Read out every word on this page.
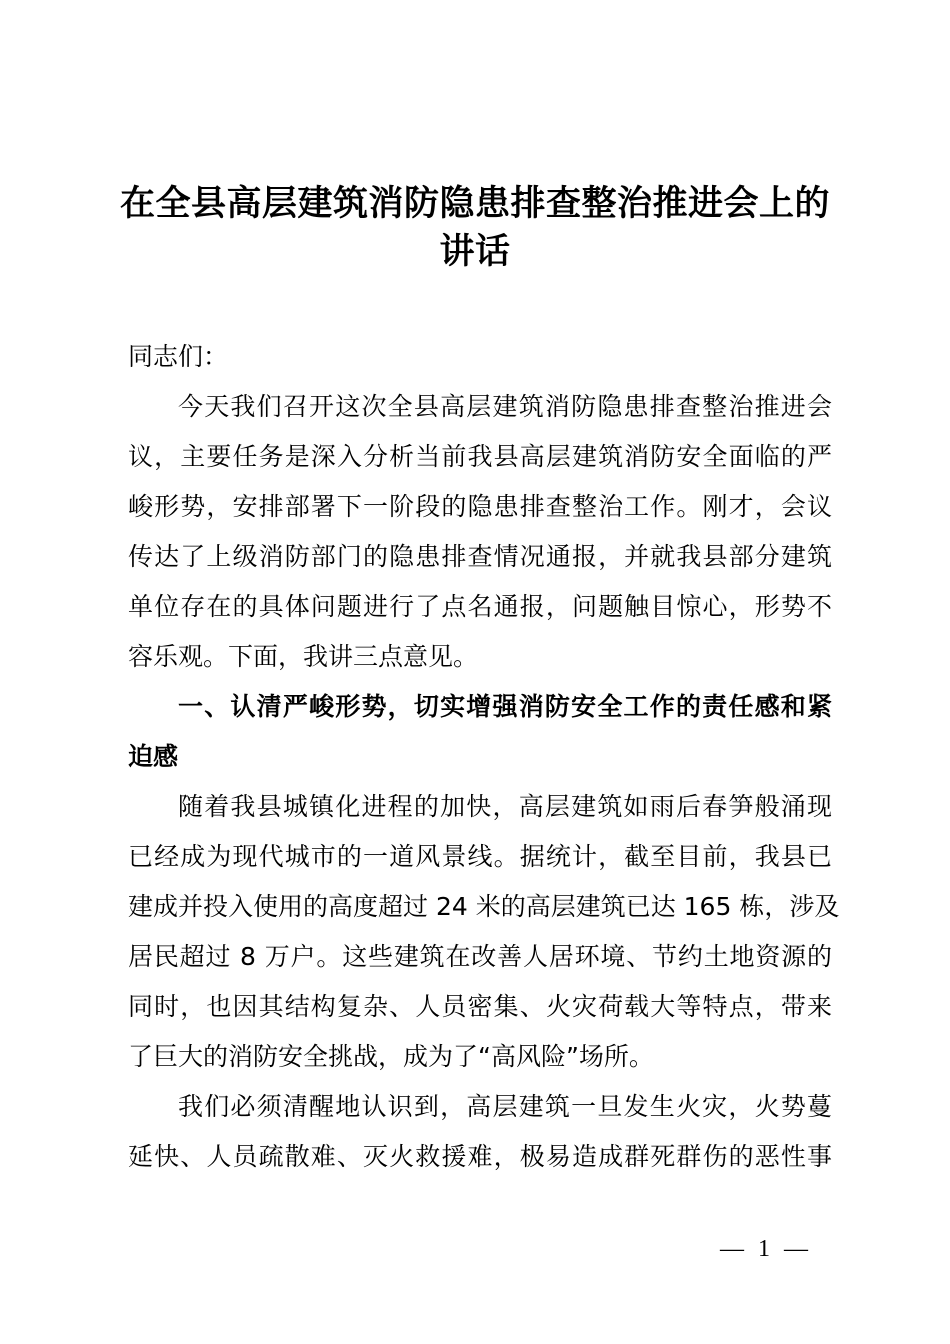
在全县高层建筑消防隐患排查整治推进会上的
讲话
同志们：
今天我们召开这次全县高层建筑消防隐患排查整治推进会
议，主要任务是深入分析当前我县高层建筑消防安全面临的严
峻形势，安排部署下一阶段的隐患排查整治工作。刚才，会议
传达了上级消防部门的隐患排查情况通报，并就我县部分建筑
单位存在的具体问题进行了点名通报，问题触目惊心，形势不
容乐观。下面，我讲三点意见。
一、认清严峻形势，切实增强消防安全工作的责任感和紧
迫感
随着我县城镇化进程的加快，高层建筑如雨后春笋般涌现
已经成为现代城市的一道风景线。据统计，截至目前，我县已
建成并投入使用的高度超过 24 米的高层建筑已达 165 栋，涉及
居民超过 8 万户。这些建筑在改善人居环境、节约土地资源的
同时，也因其结构复杂、人员密集、火灾荷载大等特点，带来
了巨大的消防安全挑战，成为了“高风险”场所。
我们必须清醒地认识到，高层建筑一旦发生火灾，火势蔓
延快、人员疏散难、灭火救援难，极易造成群死群伤的恶性事
— 1 —
